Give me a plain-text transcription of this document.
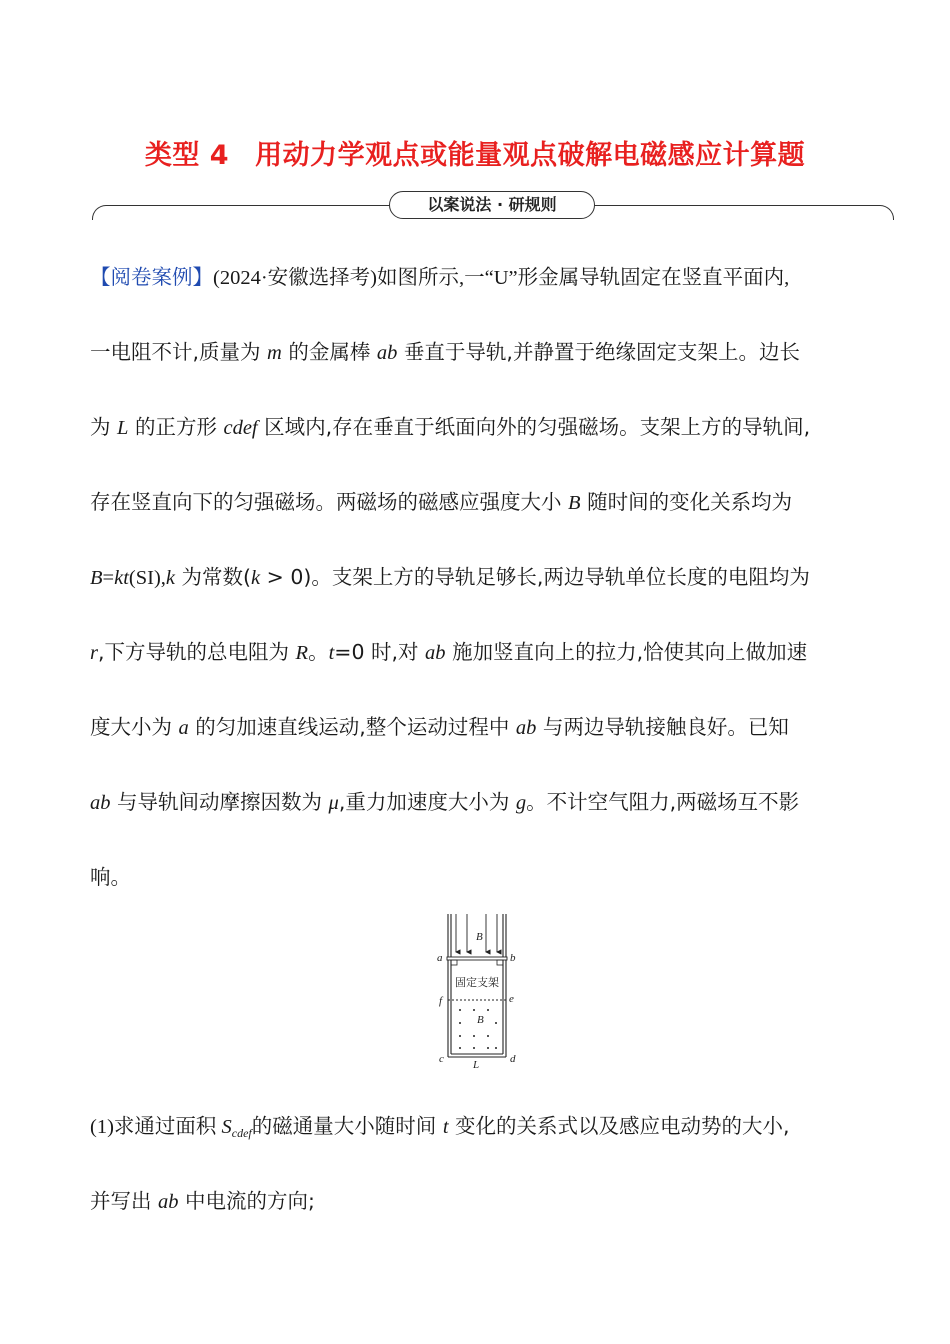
类型 4 用动力学观点或能量观点破解电磁感应计算题
以案说法 · 研规则
【阅卷案例】(2024·安徽选择考)如图所示,一“U”形金属导轨固定在竖直平面内,
一电阻不计,质量为 m 的金属棒 ab 垂直于导轨,并静置于绝缘固定支架上。边长
为 L 的正方形 cdef 区域内,存在垂直于纸面向外的匀强磁场。支架上方的导轨间,
存在竖直向下的匀强磁场。两磁场的磁感应强度大小 B 随时间的变化关系均为
B=kt(SI),k 为常数(k > 0)。支架上方的导轨足够长,两边导轨单位长度的电阻均为
r,下方导轨的总电阻为 R。t=0 时,对 ab 施加竖直向上的拉力,恰使其向上做加速
度大小为 a 的匀加速直线运动,整个运动过程中 ab 与两边导轨接触良好。已知
ab 与导轨间动摩擦因数为 μ,重力加速度大小为 g。不计空气阻力,两磁场互不影
响。
B
a	b
B
f	e
c	d
L
固定支架
(1)求通过面积 $S_{cdef}$的磁通量大小随时间 t 变化的关系式以及感应电动势的大小,
并写出 ab 中电流的方向;
